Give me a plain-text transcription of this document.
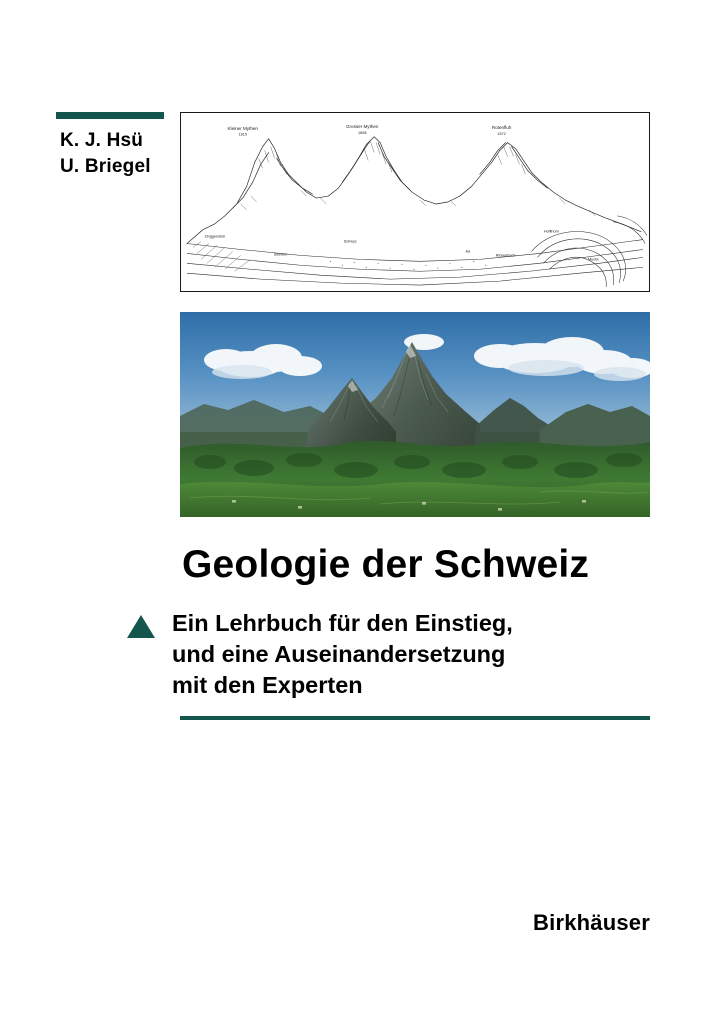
K. J. Hsü
U. Briegel
Kleiner Mythen
1815
Grosser Mythen
1898
Rotenfluh
1572
Zinggenstuh
Schwyz
Seewen
Aa
Rickenbach
Hoflihorn
Muota
Geologie der Schweiz
Ein Lehrbuch für den Einstieg,
und eine Auseinandersetzung
mit den Experten
Birkhäuser
